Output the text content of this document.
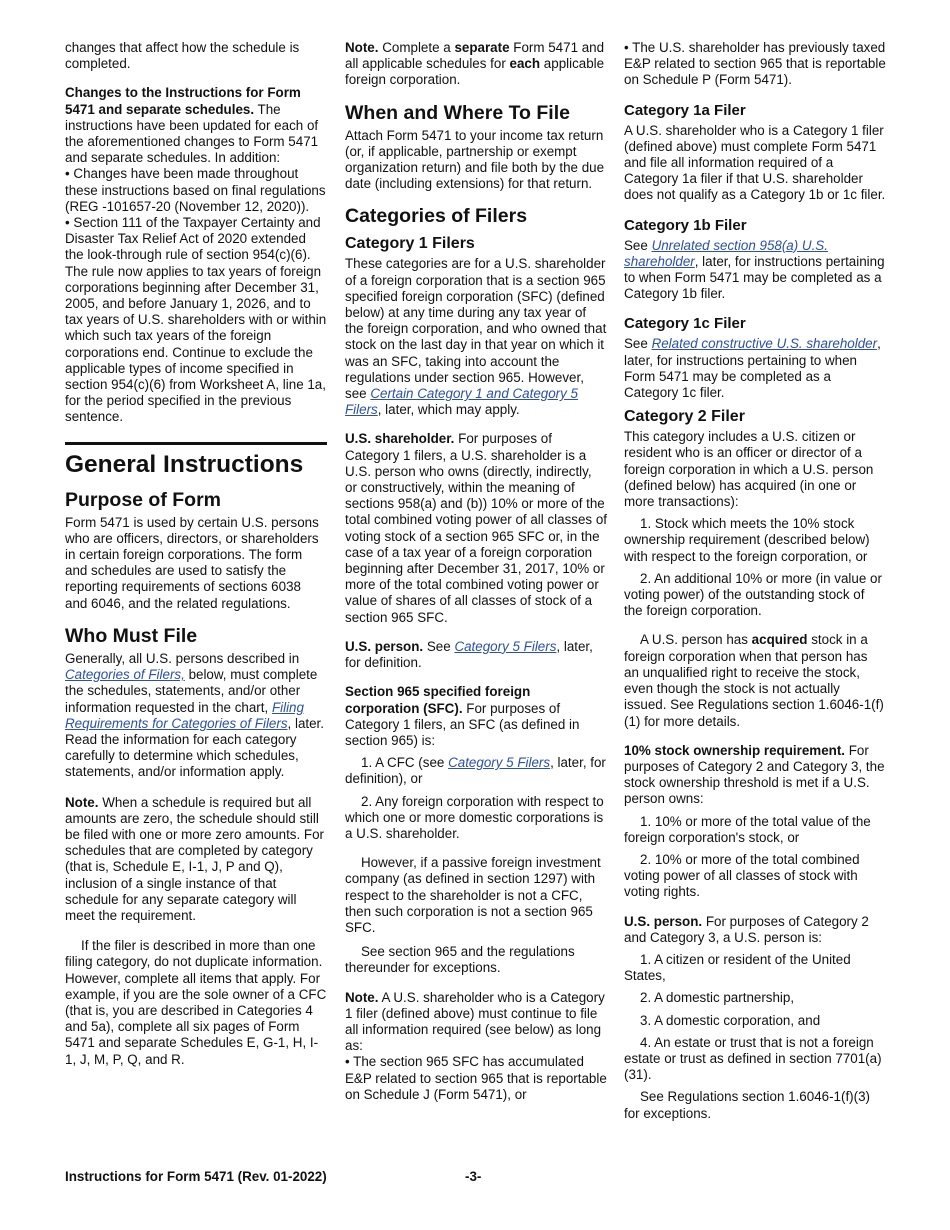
changes that affect how the schedule is completed.

Changes to the Instructions for Form 5471 and separate schedules. The instructions have been updated for each of the aforementioned changes to Form 5471 and separate schedules. In addition:

• Changes have been made throughout these instructions based on final regulations (REG -101657-20 (November 12, 2020)).

• Section 111 of the Taxpayer Certainty and Disaster Tax Relief Act of 2020 extended the look-through rule of section 954(c)(6). The rule now applies to tax years of foreign corporations beginning after December 31, 2005, and before January 1, 2026, and to tax years of U.S. shareholders with or within which such tax years of the foreign corporations end. Continue to exclude the applicable types of income specified in section 954(c)(6) from Worksheet A, line 1a, for the period specified in the previous sentence.

General Instructions
Purpose of Form

Form 5471 is used by certain U.S. persons who are officers, directors, or shareholders in certain foreign corporations. The form and schedules are used to satisfy the reporting requirements of sections 6038 and 6046, and the related regulations.

Who Must File

Generally, all U.S. persons described in Categories of Filers, below, must complete the schedules, statements, and/or other information requested in the chart, Filing Requirements for Categories of Filers, later. Read the information for each category carefully to determine which schedules, statements, and/or information apply.

Note. When a schedule is required but all amounts are zero, the schedule should still be filed with one or more zero amounts. For schedules that are completed by category (that is, Schedule E, I-1, J, P and Q), inclusion of a single instance of that schedule for any separate category will meet the requirement.

If the filer is described in more than one filing category, do not duplicate information. However, complete all items that apply. For example, if you are the sole owner of a CFC (that is, you are described in Categories 4 and 5a), complete all six pages of Form 5471 and separate Schedules E, G-1, H, I-1, J, M, P, Q, and R.

Note. Complete a separate Form 5471 and all applicable schedules for each applicable foreign corporation.

When and Where To File

Attach Form 5471 to your income tax return (or, if applicable, partnership or exempt organization return) and file both by the due date (including extensions) for that return.

Categories of Filers
Category 1 Filers

These categories are for a U.S. shareholder of a foreign corporation that is a section 965 specified foreign corporation (SFC) (defined below) at any time during any tax year of the foreign corporation, and who owned that stock on the last day in that year on which it was an SFC, taking into account the regulations under section 965. However, see Certain Category 1 and Category 5 Filers, later, which may apply.

U.S. shareholder. For purposes of Category 1 filers, a U.S. shareholder is a U.S. person who owns (directly, indirectly, or constructively, within the meaning of sections 958(a) and (b)) 10% or more of the total combined voting power of all classes of voting stock of a section 965 SFC or, in the case of a tax year of a foreign corporation beginning after December 31, 2017, 10% or more of the total combined voting power or value of shares of all classes of stock of a section 965 SFC.

U.S. person. See Category 5 Filers, later, for definition.

Section 965 specified foreign corporation (SFC). For purposes of Category 1 filers, an SFC (as defined in section 965) is:

1. A CFC (see Category 5 Filers, later, for definition), or

2. Any foreign corporation with respect to which one or more domestic corporations is a U.S. shareholder.

However, if a passive foreign investment company (as defined in section 1297) with respect to the shareholder is not a CFC, then such corporation is not a section 965 SFC.

See section 965 and the regulations thereunder for exceptions.

Note. A U.S. shareholder who is a Category 1 filer (defined above) must continue to file all information required (see below) as long as:

• The section 965 SFC has accumulated E&P related to section 965 that is reportable on Schedule J (Form 5471), or

• The U.S. shareholder has previously taxed E&P related to section 965 that is reportable on Schedule P (Form 5471).

Category 1a Filer

A U.S. shareholder who is a Category 1 filer (defined above) must complete Form 5471 and file all information required of a Category 1a filer if that U.S. shareholder does not qualify as a Category 1b or 1c filer.

Category 1b Filer

See Unrelated section 958(a) U.S. shareholder, later, for instructions pertaining to when Form 5471 may be completed as a Category 1b filer.

Category 1c Filer

See Related constructive U.S. shareholder, later, for instructions pertaining to when Form 5471 may be completed as a Category 1c filer.

Category 2 Filer

This category includes a U.S. citizen or resident who is an officer or director of a foreign corporation in which a U.S. person (defined below) has acquired (in one or more transactions):

1. Stock which meets the 10% stock ownership requirement (described below) with respect to the foreign corporation, or

2. An additional 10% or more (in value or voting power) of the outstanding stock of the foreign corporation.

A U.S. person has acquired stock in a foreign corporation when that person has an unqualified right to receive the stock, even though the stock is not actually issued. See Regulations section 1.6046-1(f)(1) for more details.

10% stock ownership requirement. For purposes of Category 2 and Category 3, the stock ownership threshold is met if a U.S. person owns:

1. 10% or more of the total value of the foreign corporation's stock, or

2. 10% or more of the total combined voting power of all classes of stock with voting rights.

U.S. person. For purposes of Category 2 and Category 3, a U.S. person is:

1. A citizen or resident of the United States,

2. A domestic partnership,

3. A domestic corporation, and

4. An estate or trust that is not a foreign estate or trust as defined in section 7701(a)(31).

See Regulations section 1.6046-1(f)(3) for exceptions.

Instructions for Form 5471 (Rev. 01-2022)	-3-
